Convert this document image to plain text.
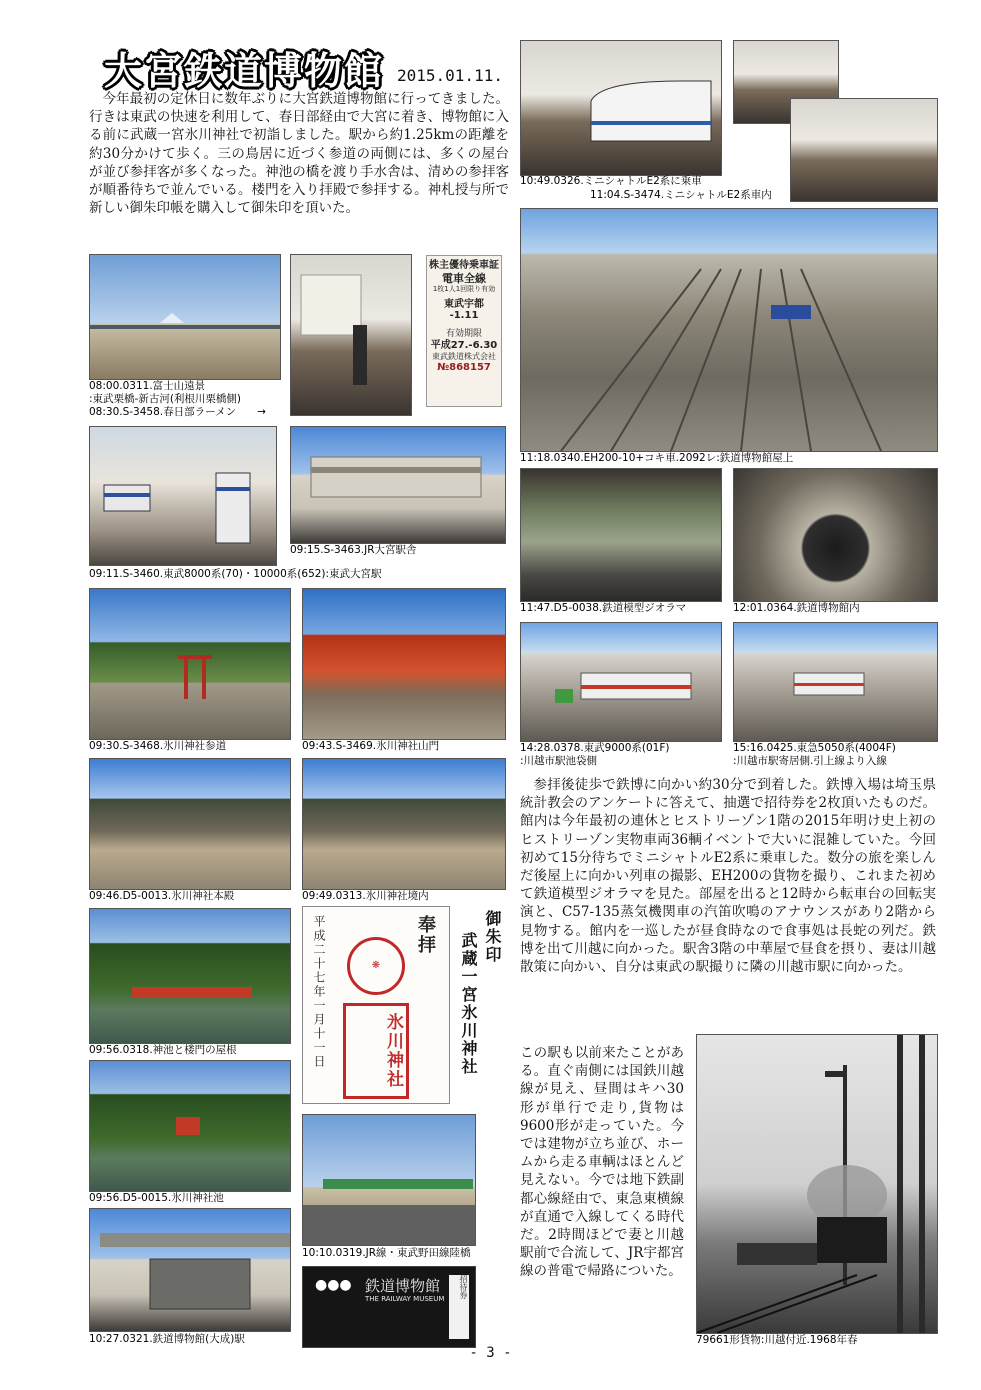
大宮鉄道博物館 2015.01.11.

今年最初の定休日に数年ぶりに大宮鉄道博物館に行ってきました。行きは東武の快速を利用して、春日部経由で大宮に着き、博物館に入る前に武蔵一宮氷川神社で初詣しました。駅から約1.25kmの距離を約30分かけて歩く。三の鳥居に近づく参道の両側には、多くの屋台が並び参拝客が多くなった。神池の橋を渡り手水舎は、清めの参拝客が順番待ちで並んでいる。楼門を入り拝殿で参拝する。神札授与所で新しい御朱印帳を購入して御朱印を頂いた。

株主優待乗車証
電車全線
1枚1人1回限り有効
東武宇都
-1.11
有効期限
平成27.-6.30
東武鉄道株式会社
№868157
08:00.0311.富士山遠景
:東武栗橋-新古河(利根川栗橋側)
08:30.S-3458.春日部ラーメン　　→
09:15.S-3463.JR大宮駅舎
09:11.S-3460.東武8000系(70)・10000系(652):東武大宮駅
09:30.S-3468.氷川神社参道	09:43.S-3469.氷川神社山門
09:46.D5-0013.氷川神社本殿	09:49.0313.氷川神社境内
09:56.0318.神池と楼門の屋根
09:56.D5-0015.氷川神社池
10:27.0321.鉄道博物館(大成)駅
奉拝
平成二十七年一月十一日	❋
氷川神社
御朱印
武蔵一宮氷川神社
10:10.0319.JR線・東武野田線陸橋
●●● 鉄道博物館
THE RAILWAY MUSEUM	招待券
10:49.0326.ミニシャトルE2系に乗車
11:04.S-3474.ミニシャトルE2系車内
11:18.0340.EH200-10+コキ車.2092レ:鉄道博物館屋上
11:47.D5-0038.鉄道模型ジオラマ	12:01.0364.鉄道博物館内
14:28.0378.東武9000系(01F)
:川越市駅池袋側
15:16.0425.東急5050系(4004F)
:川越市駅寄居側.引上線より入線

参拝後徒歩で鉄博に向かい約30分で到着した。鉄博入場は埼玉県統計教会のアンケートに答えて、抽選で招待券を2枚頂いたものだ。館内は今年最初の連休とヒストリーゾン1階の2015年明け史上初のヒストリーゾン実物車両36輌イベントで大いに混雑していた。今回初めて15分待ちでミニシャトルE2系に乗車した。数分の旅を楽しんだ後屋上に向かい列車の撮影、EH200の貨物を撮り、これまた初めて鉄道模型ジオラマを見た。部屋を出ると12時から転車台の回転実演と、C57-135蒸気機関車の汽笛吹鳴のアナウンスがあり2階から見物する。館内を一巡したが昼食時なので食事処は長蛇の列だ。鉄博を出て川越に向かった。駅舎3階の中華屋で昼食を摂り、妻は川越散策に向かい、自分は東武の駅撮りに隣の川越市駅に向かった。

この駅も以前来たことがある。直ぐ南側には国鉄川越線が見え、昼間はキハ30形が単行で走り,貨物は9600形が走っていた。今では建物が立ち並び、ホームから走る車輌はほとんど見えない。今では地下鉄副都心線経由で、東急東横線が直通で入線してくる時代だ。2時間ほどで妻と川越駅前で合流して、JR宇都宮線の普電で帰路についた。

79661形貨物:川越付近.1968年春
- 3 -
